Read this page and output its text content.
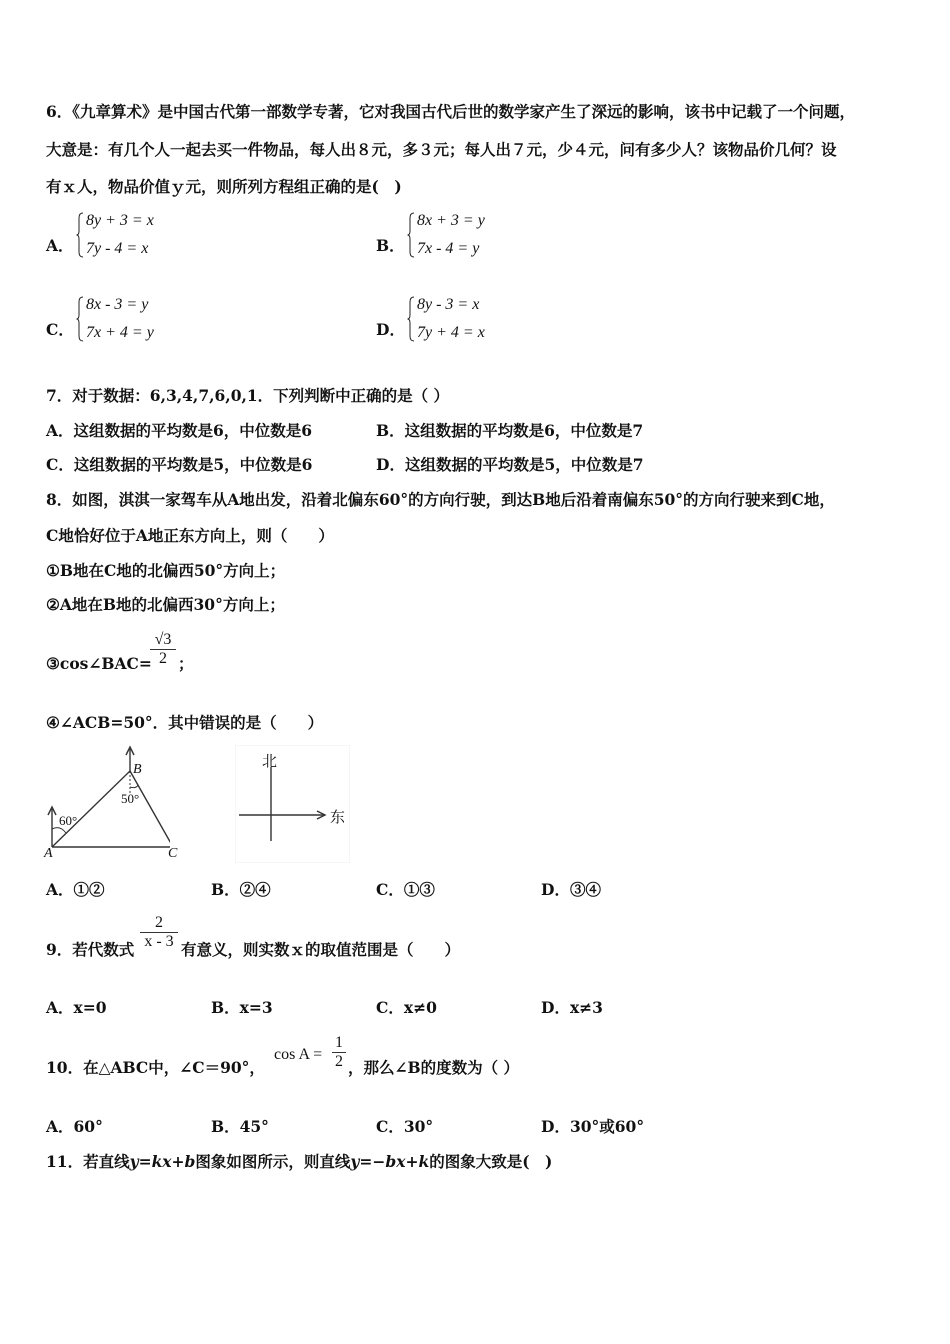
6．《九章算术》是中国古代第一部数学专著，它对我国古代后世的数学家产生了深远的影响，该书中记载了一个问题，
大意是：有几个人一起去买一件物品，每人出８元，多３元；每人出７元，少４元，问有多少人？该物品价几何？设
有ｘ人，物品价值ｙ元，则所列方程组正确的是(　)
A．
8y + 3 = x
7y - 4 = x	B．
8x + 3 = y
7x - 4 = y
C．
8x - 3 = y
7x + 4 = y	D．
8y - 3 = x
7y + 4 = x
7．对于数据：6,3,4,7,6,0,1．下列判断中正确的是（ ）
A．这组数据的平均数是6，中位数是6	B．这组数据的平均数是6，中位数是7
C．这组数据的平均数是5，中位数是6	D．这组数据的平均数是5，中位数是7
8．如图，淇淇一家驾车从A地出发，沿着北偏东60°的方向行驶，到达B地后沿着南偏东50°的方向行驶来到C地，
C地恰好位于A地正东方向上，则（　　）
①B地在C地的北偏西50°方向上；
②A地在B地的北偏西30°方向上；
③cos∠BAC=
√3
2 ；
④∠ACB=50°．其中错误的是（　　）
60°
50°
B
A	C
北
东
A．①②	B．②④	C．①③	D．③④
9．若代数式
2
x - 3 有意义，则实数ｘ的取值范围是（　　）
A．x=0	B．x=3	C．x≠0	D．x≠3
10．在△ABC中，∠C＝90°，
cos A =
1
2 ，那么∠B的度数为（ ）
A．60°	B．45°	C．30°	D．30°或60°
11．若直线y=kx+b图象如图所示，则直线y=−bx+k的图象大致是(　)
